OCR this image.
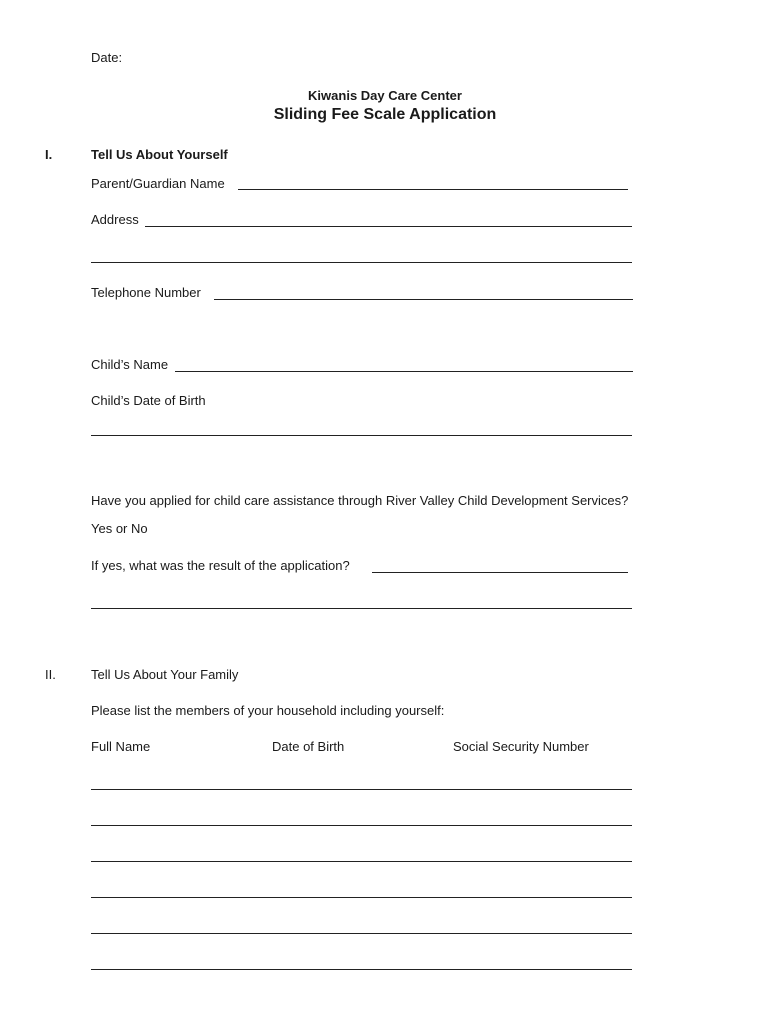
Date:
Kiwanis Day Care Center
Sliding Fee Scale Application
I.	Tell Us About Yourself
Parent/Guardian Name
Address
Telephone Number
Child’s Name
Child’s Date of Birth
Have you applied for child care assistance through River Valley Child Development Services?
Yes or No
If yes, what was the result of the application?
II.	Tell Us About Your Family
Please list the members of your household including yourself:
Full Name	Date of Birth	Social Security Number
